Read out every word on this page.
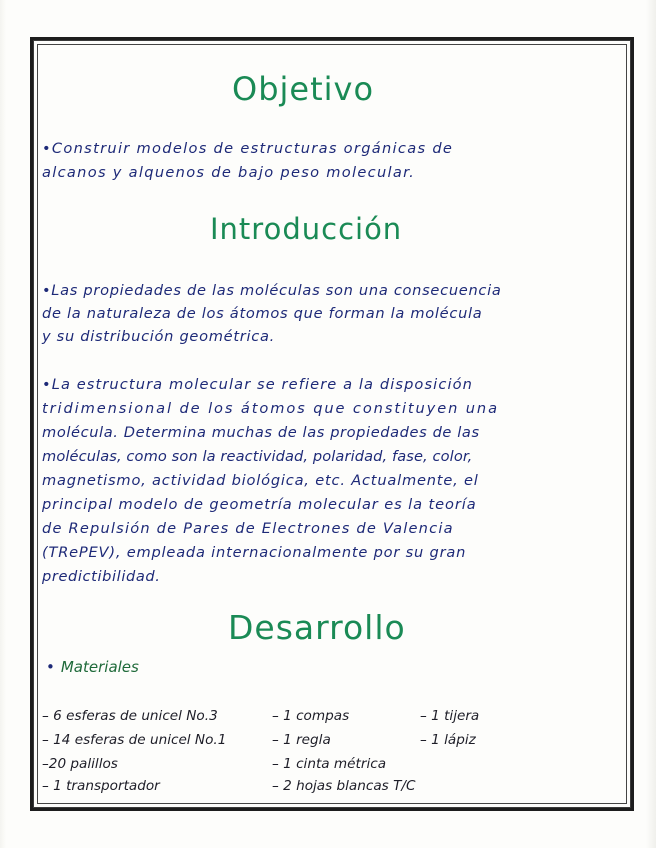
Objetivo
•Construir modelos de estructuras orgánicas de
alcanos y alquenos de bajo peso molecular.
Introducción
•Las propiedades de las moléculas son una consecuencia
de la naturaleza de los átomos que forman la molécula
y su distribución geométrica.
•La estructura molecular se refiere a la disposición
tridimensional de los átomos que constituyen una
molécula. Determina muchas de las propiedades de las
moléculas, como son la reactividad, polaridad, fase, color,
magnetismo, actividad biológica, etc. Actualmente, el
principal modelo de geometría molecular es la teoría
de Repulsión de Pares de Electrones de Valencia
(TRePEV), empleada internacionalmente por su gran
predictibilidad.
Desarrollo
• Materiales
– 6 esferas de unicel No.3
– 14 esferas de unicel No.1
–20 palillos
– 1 transportador
– 1 compas
– 1 regla
– 1 cinta métrica
– 2 hojas blancas T/C
– 1 tijera
– 1 lápiz
